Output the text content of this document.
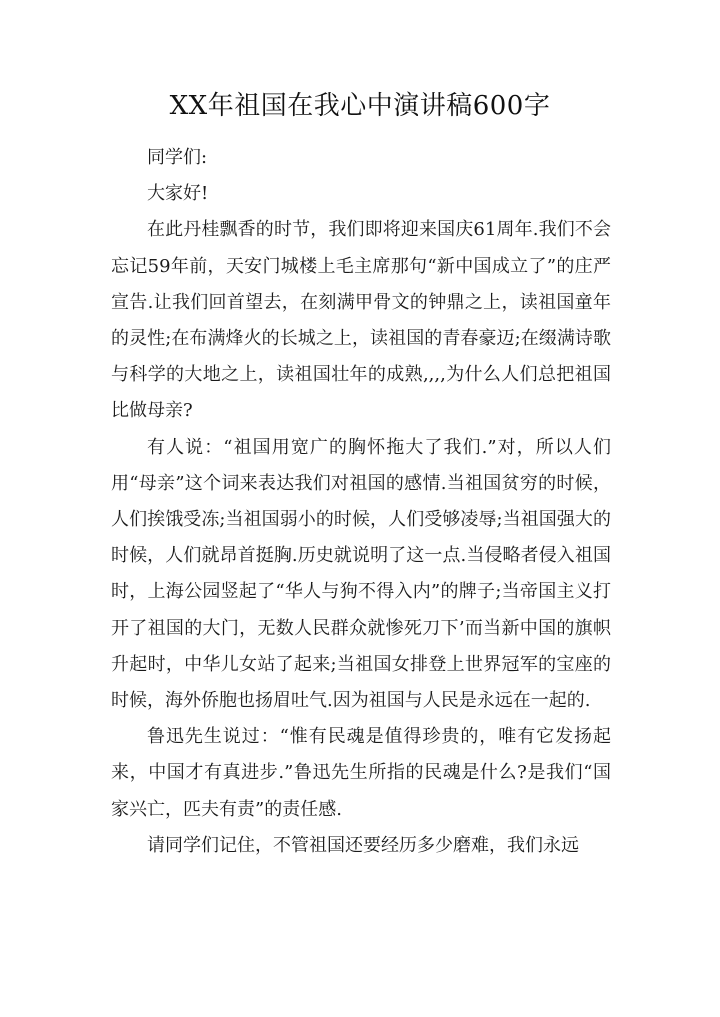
XX年祖国在我心中演讲稿600字

同学们:

大家好!

在此丹桂飘香的时节，我们即将迎来国庆61周年.我们不会忘记59年前，天安门城楼上毛主席那句“新中国成立了”的庄严宣告.让我们回首望去，在刻满甲骨文的钟鼎之上，读祖国童年的灵性;在布满烽火的长城之上，读祖国的青春豪迈;在缀满诗歌与科学的大地之上，读祖国壮年的成熟,,,,为什么人们总把祖国比做母亲?

有人说：“祖国用宽广的胸怀拖大了我们.”对，所以人们用“母亲”这个词来表达我们对祖国的感情.当祖国贫穷的时候，人们挨饿受冻;当祖国弱小的时候，人们受够凌辱;当祖国强大的时候，人们就昂首挺胸.历史就说明了这一点.当侵略者侵入祖国时，上海公园竖起了“华人与狗不得入内”的牌子;当帝国主义打开了祖国的大门，无数人民群众就惨死刀下’而当新中国的旗帜升起时，中华儿女站了起来;当祖国女排登上世界冠军的宝座的时候，海外侨胞也扬眉吐气.因为祖国与人民是永远在一起的.

鲁迅先生说过：“惟有民魂是值得珍贵的，唯有它发扬起来，中国才有真进步.”鲁迅先生所指的民魂是什么?是我们“国家兴亡，匹夫有责”的责任感.

请同学们记住，不管祖国还要经历多少磨难，我们永远
